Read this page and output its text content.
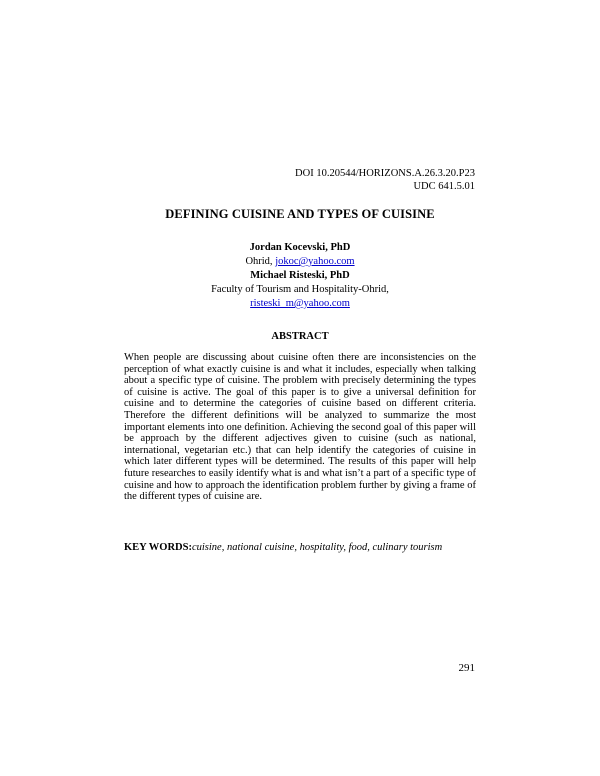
DOI 10.20544/HORIZONS.A.26.3.20.P23
UDC 641.5.01
DEFINING CUISINE AND TYPES OF CUISINE
Jordan Kocevski, PhD
Ohrid, jokoc@yahoo.com
Michael Risteski, PhD
Faculty of Tourism and Hospitality-Ohrid,
risteski_m@yahoo.com
ABSTRACT

When people are discussing about cuisine often there are inconsistencies on the perception of what exactly cuisine is and what it includes, especially when talking about a specific type of cuisine. The problem with precisely determining the types of cuisine is active. The goal of this paper is to give a universal definition for cuisine and to determine the categories of cuisine based on different criteria. Therefore the different definitions will be analyzed to summarize the most important elements into one definition. Achieving the second goal of this paper will be approach by the different adjectives given to cuisine (such as national, international, vegetarian etc.) that can help identify the categories of cuisine in which later different types will be determined. The results of this paper will help future researches to easily identify what is and what isn’t a part of a specific type of cuisine and how to approach the identification problem further by giving a frame of the different types of cuisine are.

KEY WORDS:cuisine, national cuisine, hospitality, food, culinary tourism
291
